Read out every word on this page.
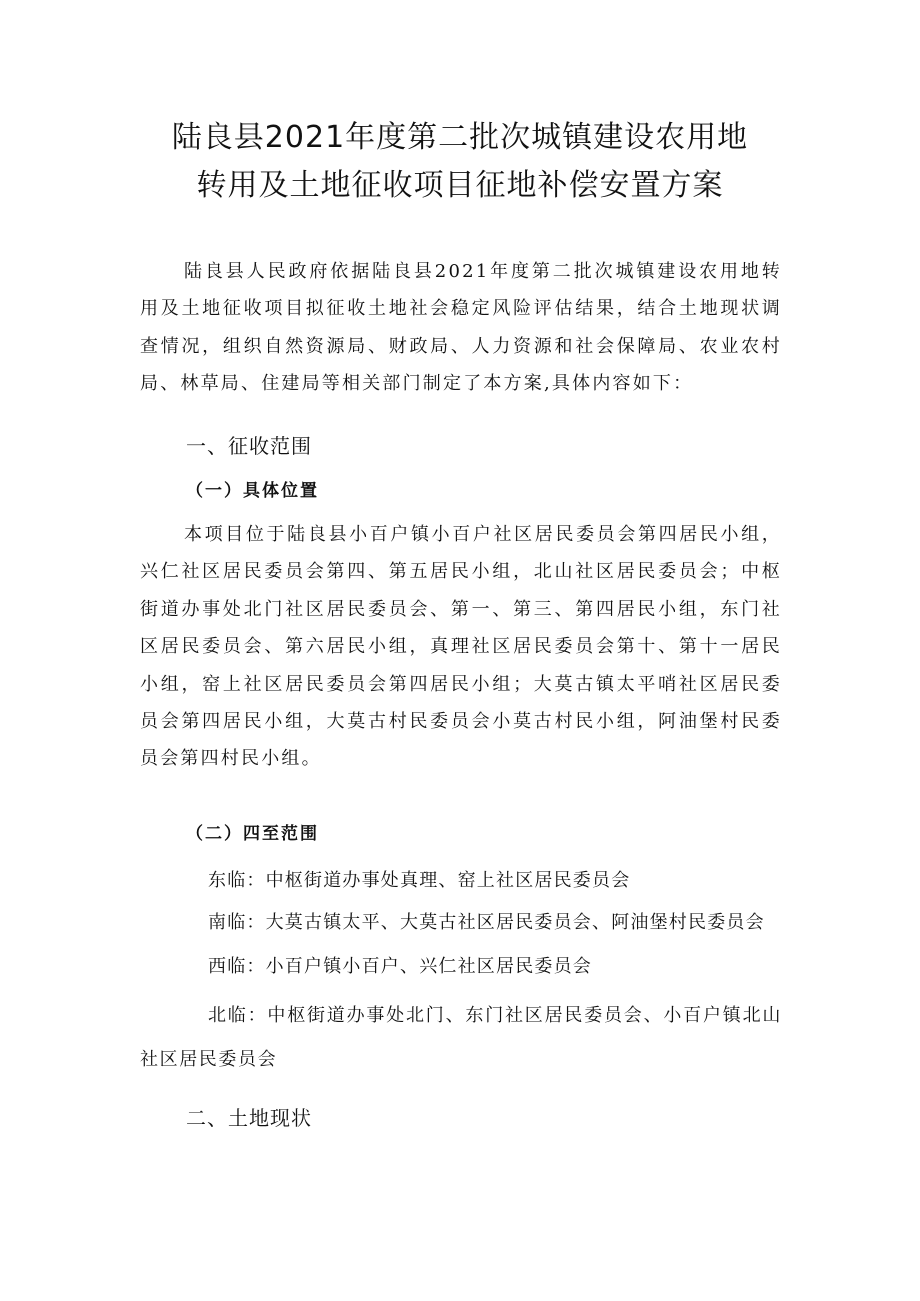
陆良县2021年度第二批次城镇建设农用地
转用及土地征收项目征地补偿安置方案

陆良县人民政府依据陆良县2021年度第二批次城镇建设农用地转用及土地征收项目拟征收土地社会稳定风险评估结果，结合土地现状调查情况，组织自然资源局、财政局、人力资源和社会保障局、农业农村局、林草局、住建局等相关部门制定了本方案,具体内容如下：

一、征收范围
（一）具体位置

本项目位于陆良县小百户镇小百户社区居民委员会第四居民小组，兴仁社区居民委员会第四、第五居民小组，北山社区居民委员会；中枢街道办事处北门社区居民委员会、第一、第三、第四居民小组，东门社区居民委员会、第六居民小组，真理社区居民委员会第十、第十一居民小组，窑上社区居民委员会第四居民小组；大莫古镇太平哨社区居民委员会第四居民小组，大莫古村民委员会小莫古村民小组，阿油堡村民委员会第四村民小组。

（二）四至范围

东临：中枢街道办事处真理、窑上社区居民委员会

南临：大莫古镇太平、大莫古社区居民委员会、阿油堡村民委员会

西临：小百户镇小百户、兴仁社区居民委员会

北临：中枢街道办事处北门、东门社区居民委员会、小百户镇北山社区居民委员会

二、土地现状
